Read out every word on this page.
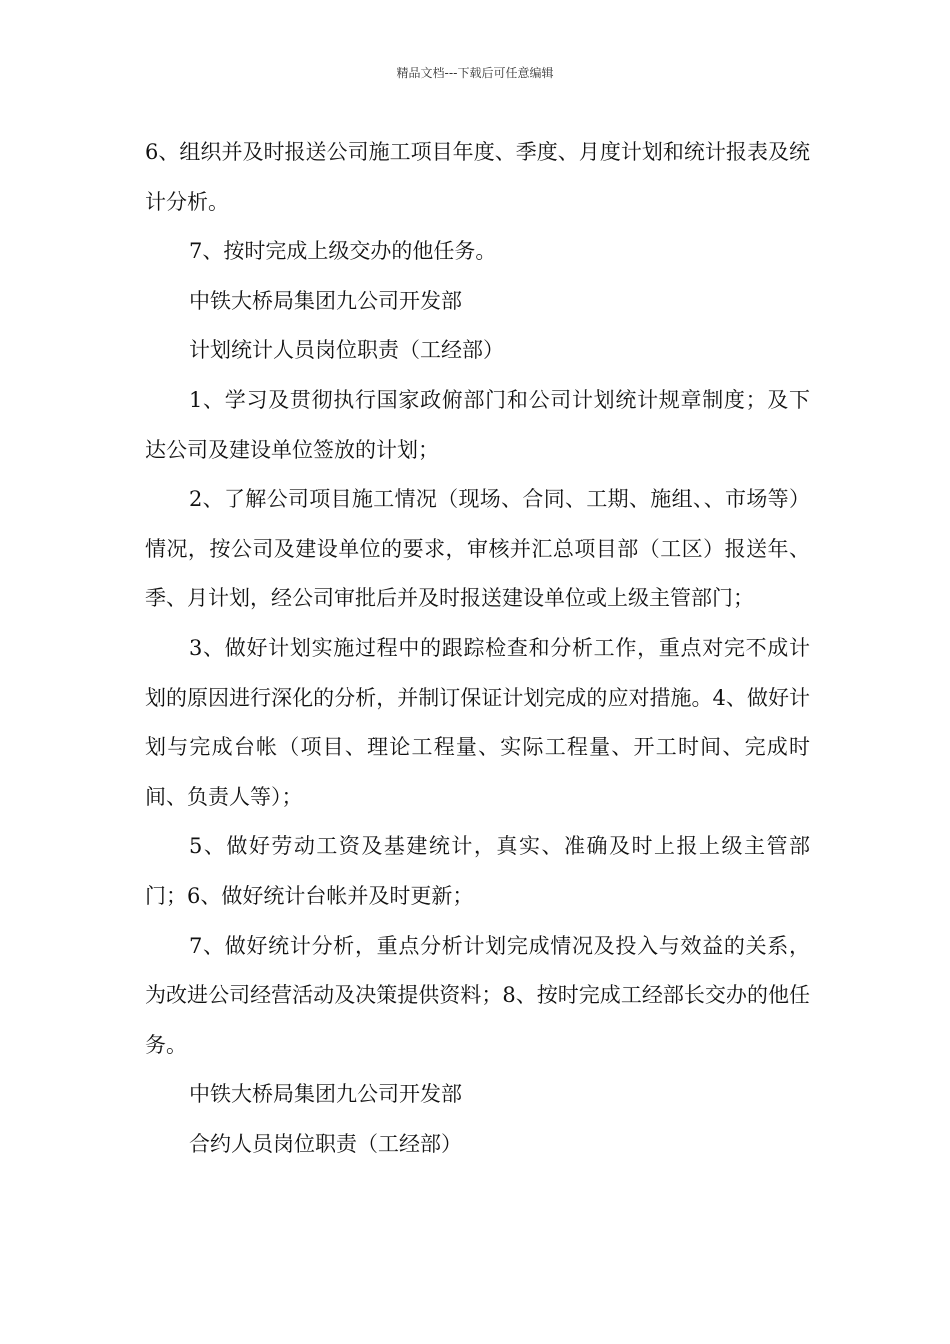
精品文档---下载后可任意编辑

6、组织并及时报送公司施工项目年度、季度、月度计划和统计报表及统计分析。

7、按时完成上级交办的他任务。

中铁大桥局集团九公司开发部

计划统计人员岗位职责（工经部）

1、学习及贯彻执行国家政俯部门和公司计划统计规章制度；及下达公司及建设单位签放的计划；

2、了解公司项目施工情况（现场、合同、工期、施组、、市场等）情况，按公司及建设单位的要求，审核并汇总项目部（工区）报送年、季、月计划，经公司审批后并及时报送建设单位或上级主管部门；

3、做好计划实施过程中的跟踪检查和分析工作，重点对完不成计划的原因进行深化的分析，并制订保证计划完成的应对措施。4、做好计划与完成台帐（项目、理论工程量、实际工程量、开工时间、完成时间、负责人等）；

5、做好劳动工资及基建统计，真实、准确及时上报上级主管部门；6、做好统计台帐并及时更新；

7、做好统计分析，重点分析计划完成情况及投入与效益的关系，为改进公司经营活动及决策提供资料；8、按时完成工经部长交办的他任务。

中铁大桥局集团九公司开发部

合约人员岗位职责（工经部）
